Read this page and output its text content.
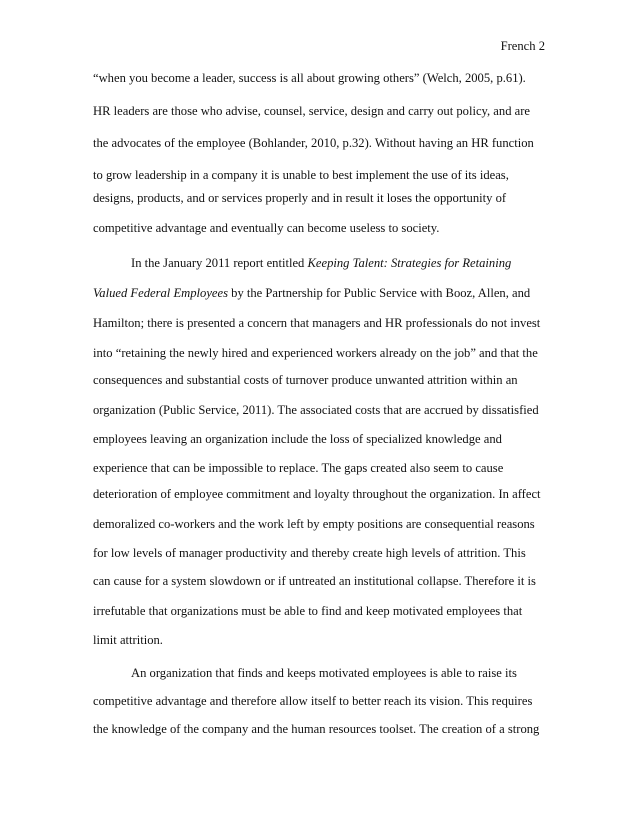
French 2
“when you become a leader, success is all about growing others” (Welch, 2005, p.61).
HR leaders are those who advise, counsel, service, design and carry out policy, and are
the advocates of the employee (Bohlander, 2010, p.32). Without having an HR function
to grow leadership in a company it is unable to best implement the use of its ideas,
designs, products, and or services properly and in result it loses the opportunity of
competitive advantage and eventually can become useless to society.
In the January 2011 report entitled Keeping Talent: Strategies for Retaining
Valued Federal Employees by the Partnership for Public Service with Booz, Allen, and
Hamilton; there is presented a concern that managers and HR professionals do not invest
into “retaining the newly hired and experienced workers already on the job” and that the
consequences and substantial costs of turnover produce unwanted attrition within an
organization (Public Service, 2011). The associated costs that are accrued by dissatisfied
employees leaving an organization include the loss of specialized knowledge and
experience that can be impossible to replace. The gaps created also seem to cause
deterioration of employee commitment and loyalty throughout the organization. In affect
demoralized co-workers and the work left by empty positions are consequential reasons
for low levels of manager productivity and thereby create high levels of attrition. This
can cause for a system slowdown or if untreated an institutional collapse. Therefore it is
irrefutable that organizations must be able to find and keep motivated employees that
limit attrition.
An organization that finds and keeps motivated employees is able to raise its
competitive advantage and therefore allow itself to better reach its vision. This requires
the knowledge of the company and the human resources toolset. The creation of a strong
